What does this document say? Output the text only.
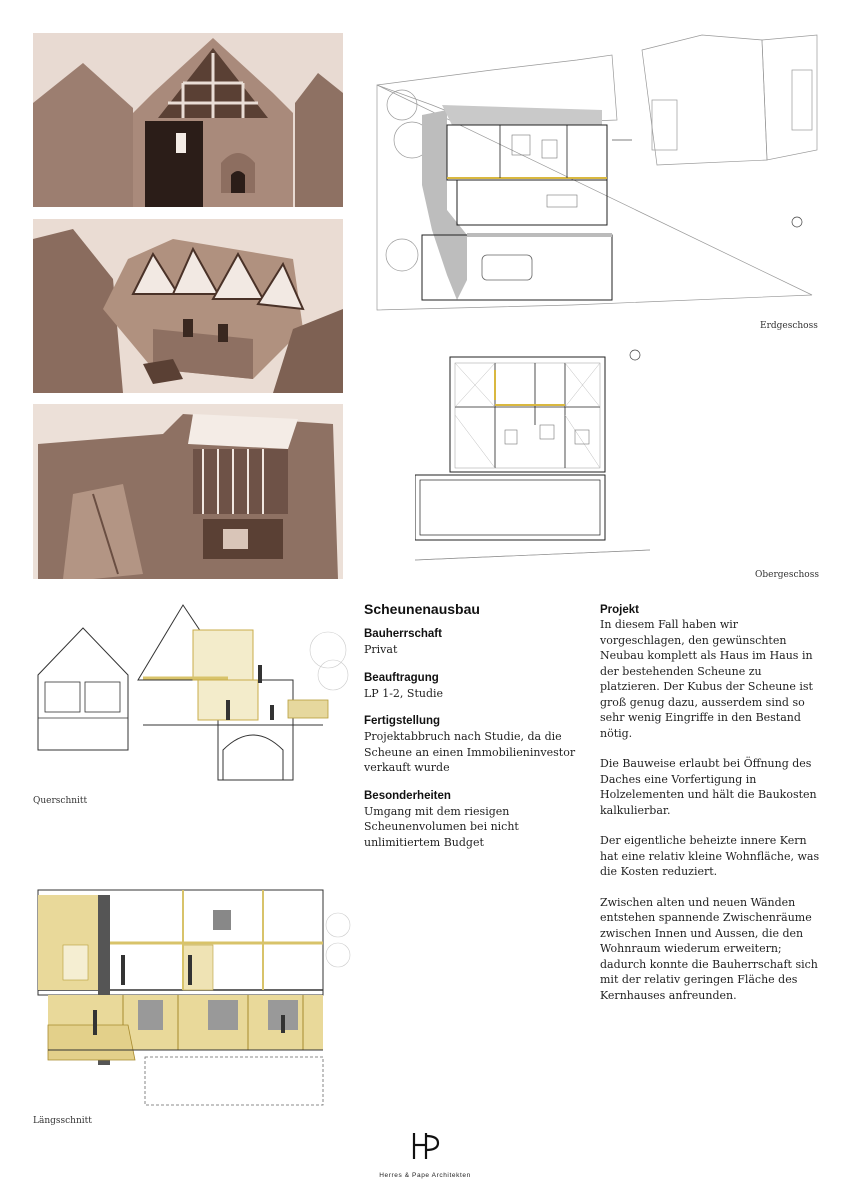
Erdgeschoss
Obergeschoss
Querschnitt
Längsschnitt
Scheunenausbau
Bauherrschaft
Privat
Beauftragung
LP 1-2, Studie
Fertigstellung
Projektabbruch nach Studie, da die Scheune an einen Immobilieninvestor verkauft wurde
Besonderheiten
Umgang mit dem riesigen Scheunenvolumen bei nicht unlimitiertem Budget
Projekt

In diesem Fall haben wir vorgeschlagen, den gewünschten Neubau komplett als Haus im Haus in der bestehenden Scheune zu platzieren. Der Kubus der Scheune ist groß genug dazu, ausserdem sind so sehr wenig Eingriffe in den Bestand nötig.

Die Bauweise erlaubt bei Öffnung des Daches eine Vorfertigung in Holzelementen und hält die Baukosten kalkulierbar.

Der eigentliche beheizte innere Kern hat eine relativ kleine Wohnfläche, was die Kosten reduziert.

Zwischen alten und neuen Wänden entstehen spannende Zwischenräume zwischen Innen und Aussen, die den Wohnraum wiederum erweitern; dadurch konnte die Bauherrschaft sich mit der relativ geringen Fläche des Kernhauses anfreunden.

Herres & Pape Architekten
